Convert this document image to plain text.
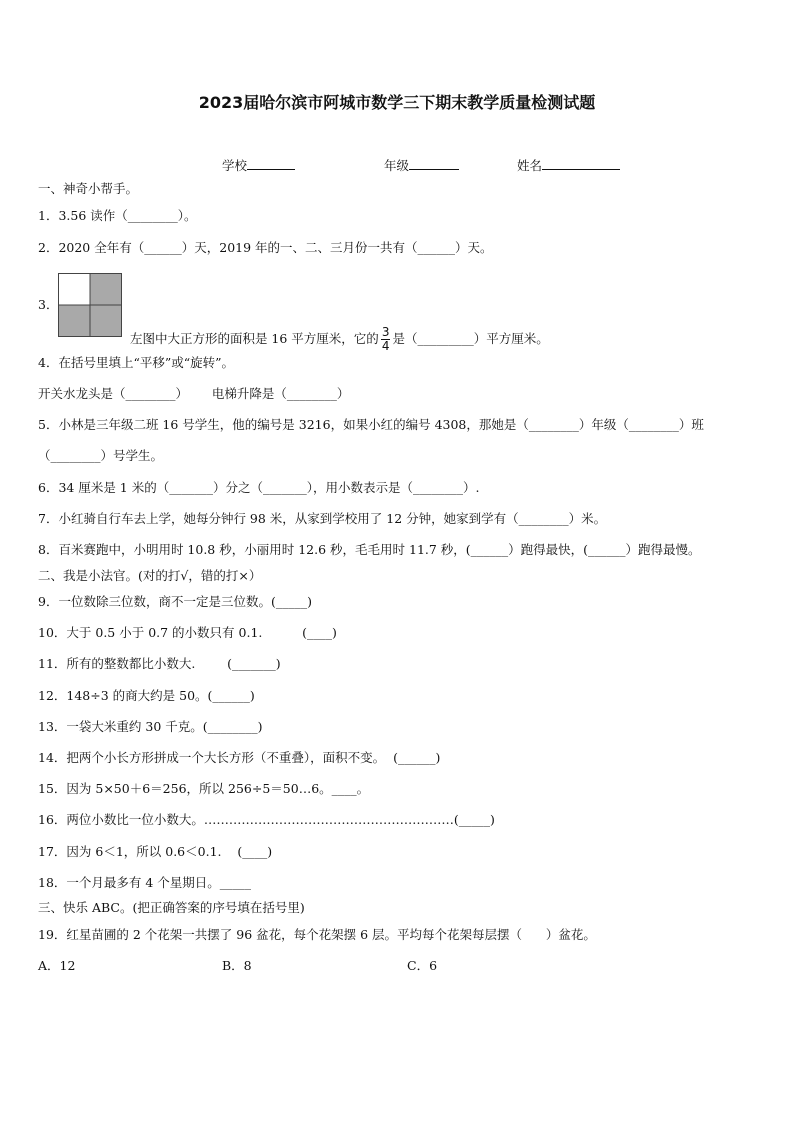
2023届哈尔滨市阿城市数学三下期末教学质量检测试题

学校	年级	姓名

一、神奇小帮手。
1．3.56 读作（________）。
2．2020 全年有（______）天，2019 年的一、二、三月份一共有（______）天。
3．

左图中大正方形的面积是 16 平方厘米，它的 $\frac{3}{4}$ 是（_________）平方厘米。

4．在括号里填上“平移”或“旋转”。
开关水龙头是（________）      电梯升降是（________）
5．小林是三年级二班 16 号学生，他的编号是 3216，如果小红的编号 4308，那她是（________）年级（________）班
（________）号学生。
6．34 厘米是 1 米的（_______）分之（_______），用小数表示是（________）.
7．小红骑自行车去上学，她每分钟行 98 米，从家到学校用了 12 分钟，她家到学有（________）米。
8．百米赛跑中，小明用时 10.8 秒，小丽用时 12.6 秒，毛毛用时 11.7 秒，(______）跑得最快，(______）跑得最慢。
二、我是小法官。(对的打√，错的打×）
9．一位数除三位数，商不一定是三位数。(_____)
10．大于 0.5 小于 0.7 的小数只有 0.1.          (____)
11．所有的整数都比小数大.        (_______)
12．148÷3 的商大约是 50。(______)
13．一袋大米重约 30 千克。(________)
14．把两个小长方形拼成一个大长方形（不重叠），面积不变。  (______)
15．因为 5×50＋6＝256，所以 256÷5＝50…6。____。
16．两位小数比一位小数大。……………………………………………………(_____)
17．因为 6＜1，所以 0.6＜0.1.    (____)
18．一个月最多有 4 个星期日。_____
三、快乐 ABC。(把正确答案的序号填在括号里)
19．红星苗圃的 2 个花架一共摆了 96 盆花，每个花架摆 6 层。平均每个花架每层摆（      ）盆花。
A．12	B．8	C．6
